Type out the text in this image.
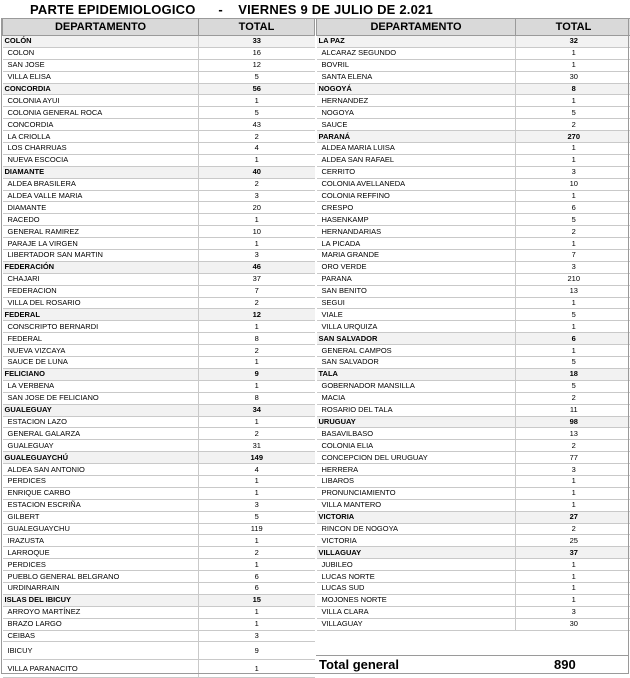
PARTE EPIDEMIOLOGICO      -    VIERNES 9 DE JULIO DE 2.021
DEPARTAMENTO	TOTAL
COLÓN	33
COLON	16
SAN JOSE	12
VILLA ELISA	5
CONCORDIA	56
COLONIA AYUI	1
COLONIA GENERAL ROCA	5
CONCORDIA	43
LA CRIOLLA	2
LOS CHARRUAS	4
NUEVA ESCOCIA	1
DIAMANTE	40
ALDEA BRASILERA	2
ALDEA VALLE MARIA	3
DIAMANTE	20
RACEDO	1
GENERAL RAMIREZ	10
PARAJE LA VIRGEN	1
LIBERTADOR SAN MARTIN	3
FEDERACIÓN	46
CHAJARI	37
FEDERACION	7
VILLA DEL ROSARIO	2
FEDERAL	12
CONSCRIPTO BERNARDI	1
FEDERAL	8
NUEVA VIZCAYA	2
SAUCE DE LUNA	1
FELICIANO	9
LA VERBENA	1
SAN JOSE DE FELICIANO	8
GUALEGUAY	34
ESTACION LAZO	1
GENERAL GALARZA	2
GUALEGUAY	31
GUALEGUAYCHÚ	149
ALDEA SAN ANTONIO	4
PERDICES	1
ENRIQUE CARBO	1
ESTACION ESCRIÑA	3
GILBERT	5
GUALEGUAYCHU	119
IRAZUSTA	1
LARROQUE	2
PERDICES	1
PUEBLO GENERAL BELGRANO	6
URDINARRAIN	6
ISLAS DEL IBICUY	15
ARROYO MARTÍNEZ	1
BRAZO LARGO	1
CEIBAS	3
IBICUY	9
VILLA PARANACITO	1
DEPARTAMENTO	TOTAL
LA PAZ	32
ALCARAZ SEGUNDO	1
BOVRIL	1
SANTA ELENA	30
NOGOYÁ	8
HERNANDEZ	1
NOGOYA	5
SAUCE	2
PARANÁ	270
ALDEA MARIA LUISA	1
ALDEA SAN RAFAEL	1
CERRITO	3
COLONIA AVELLANEDA	10
COLONIA REFFINO	1
CRESPO	6
HASENKAMP	5
HERNANDARIAS	2
LA PICADA	1
MARIA GRANDE	7
ORO VERDE	3
PARANA	210
SAN BENITO	13
SEGUI	1
VIALE	5
VILLA URQUIZA	1
SAN SALVADOR	6
GENERAL CAMPOS	1
SAN SALVADOR	5
TALA	18
GOBERNADOR MANSILLA	5
MACIA	2
ROSARIO DEL TALA	11
URUGUAY	98
BASAVILBASO	13
COLONIA ELIA	2
CONCEPCION DEL URUGUAY	77
HERRERA	3
LIBAROS	1
PRONUNCIAMIENTO	1
VILLA MANTERO	1
VICTORIA	27
RINCON DE NOGOYA	2
VICTORIA	25
VILLAGUAY	37
JUBILEO	1
LUCAS NORTE	1
LUCAS SUD	1
MOJONES NORTE	1
VILLA CLARA	3
VILLAGUAY	30
Total general	890
